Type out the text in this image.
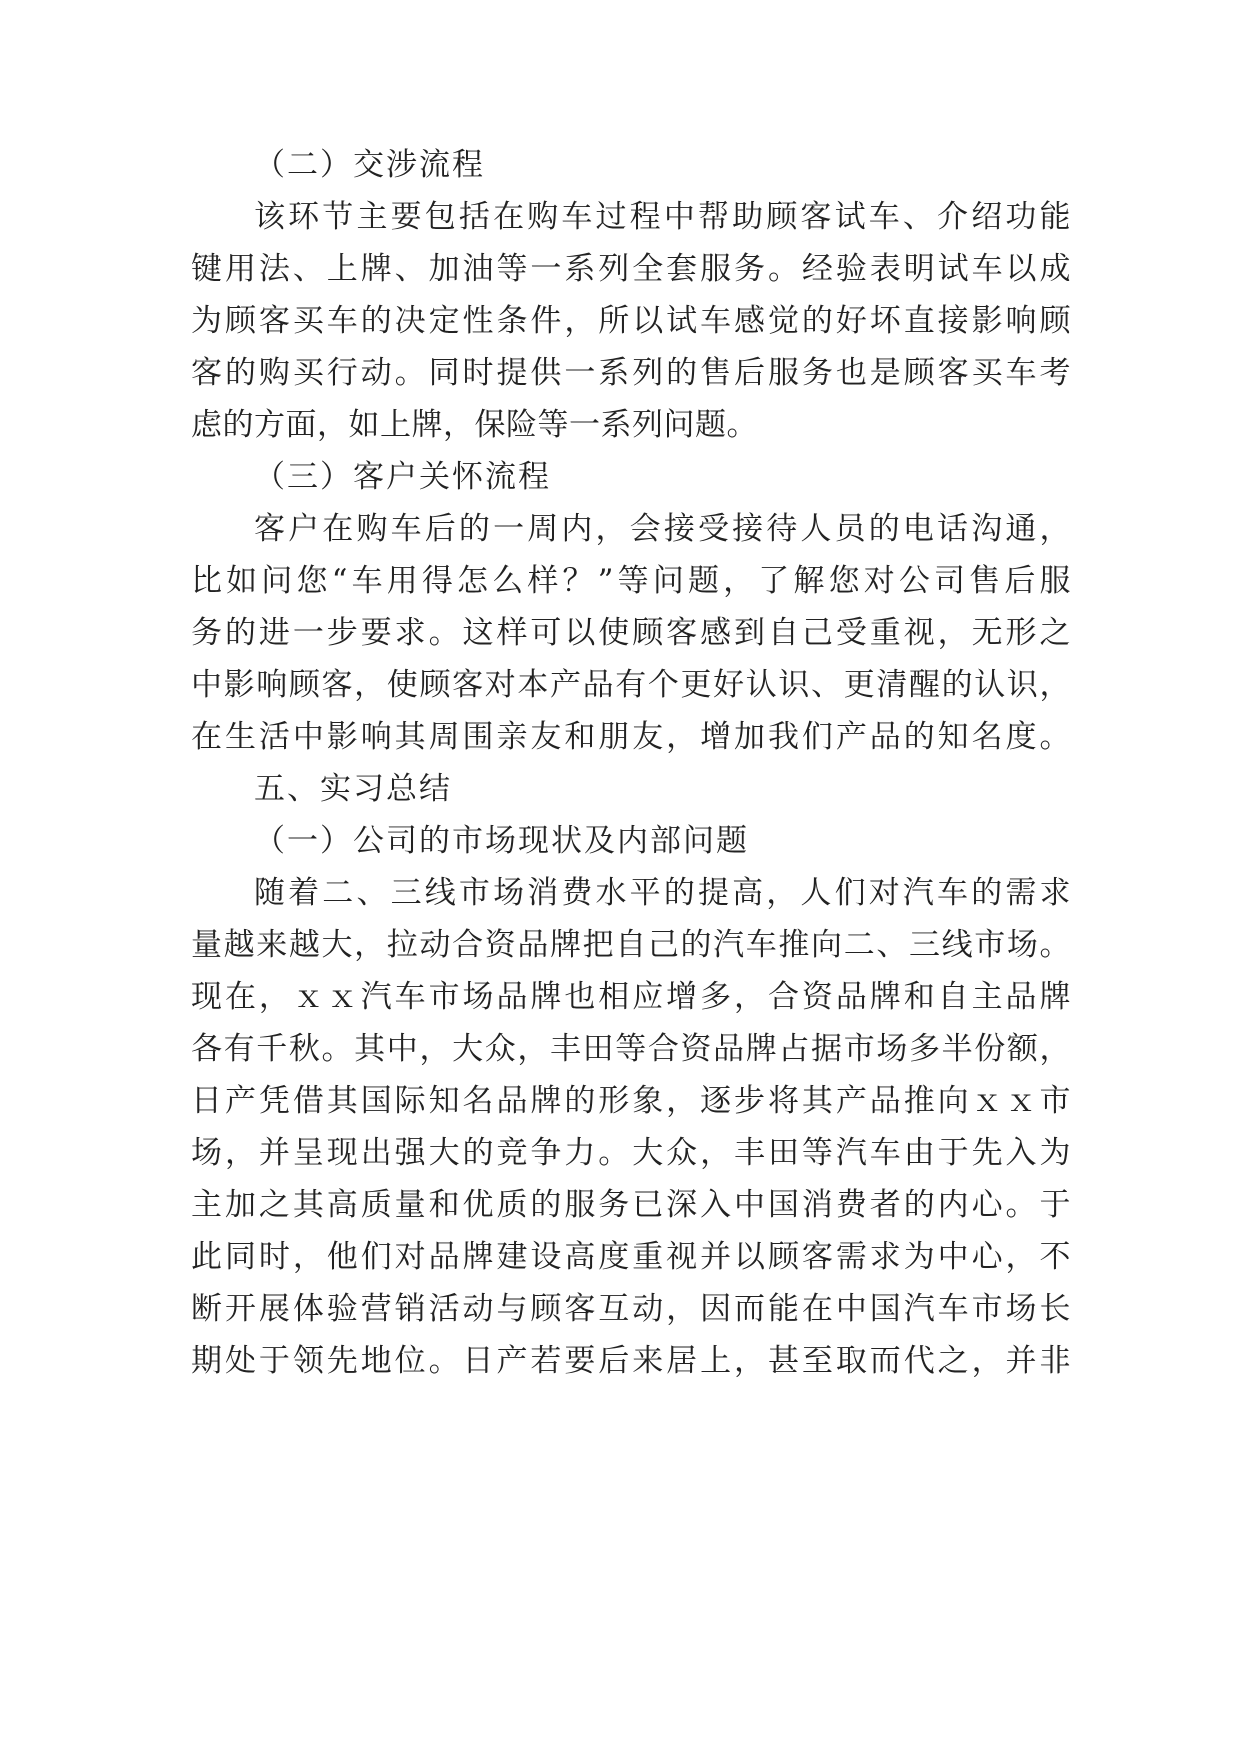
（二）交涉流程

该环节主要包括在购车过程中帮助顾客试车、介绍功能

键用法、上牌、加油等一系列全套服务。经验表明试车以成

为顾客买车的决定性条件，所以试车感觉的好坏直接影响顾

客的购买行动。同时提供一系列的售后服务也是顾客买车考

虑的方面，如上牌，保险等一系列问题。

（三）客户关怀流程

客户在购车后的一周内，会接受接待人员的电话沟通，

比如问您“车用得怎么样？”等问题，了解您对公司售后服

务的进一步要求。这样可以使顾客感到自己受重视，无形之

中影响顾客，使顾客对本产品有个更好认识、更清醒的认识，

在生活中影响其周围亲友和朋友，增加我们产品的知名度。

五、实习总结

（一）公司的市场现状及内部问题

随着二、三线市场消费水平的提高，人们对汽车的需求

量越来越大，拉动合资品牌把自己的汽车推向二、三线市场。

现在，ｘｘ汽车市场品牌也相应增多，合资品牌和自主品牌

各有千秋。其中，大众，丰田等合资品牌占据市场多半份额，

日产凭借其国际知名品牌的形象，逐步将其产品推向ｘｘ市

场，并呈现出强大的竞争力。大众，丰田等汽车由于先入为

主加之其高质量和优质的服务已深入中国消费者的内心。于

此同时，他们对品牌建设高度重视并以顾客需求为中心，不

断开展体验营销活动与顾客互动，因而能在中国汽车市场长

期处于领先地位。日产若要后来居上，甚至取而代之，并非
